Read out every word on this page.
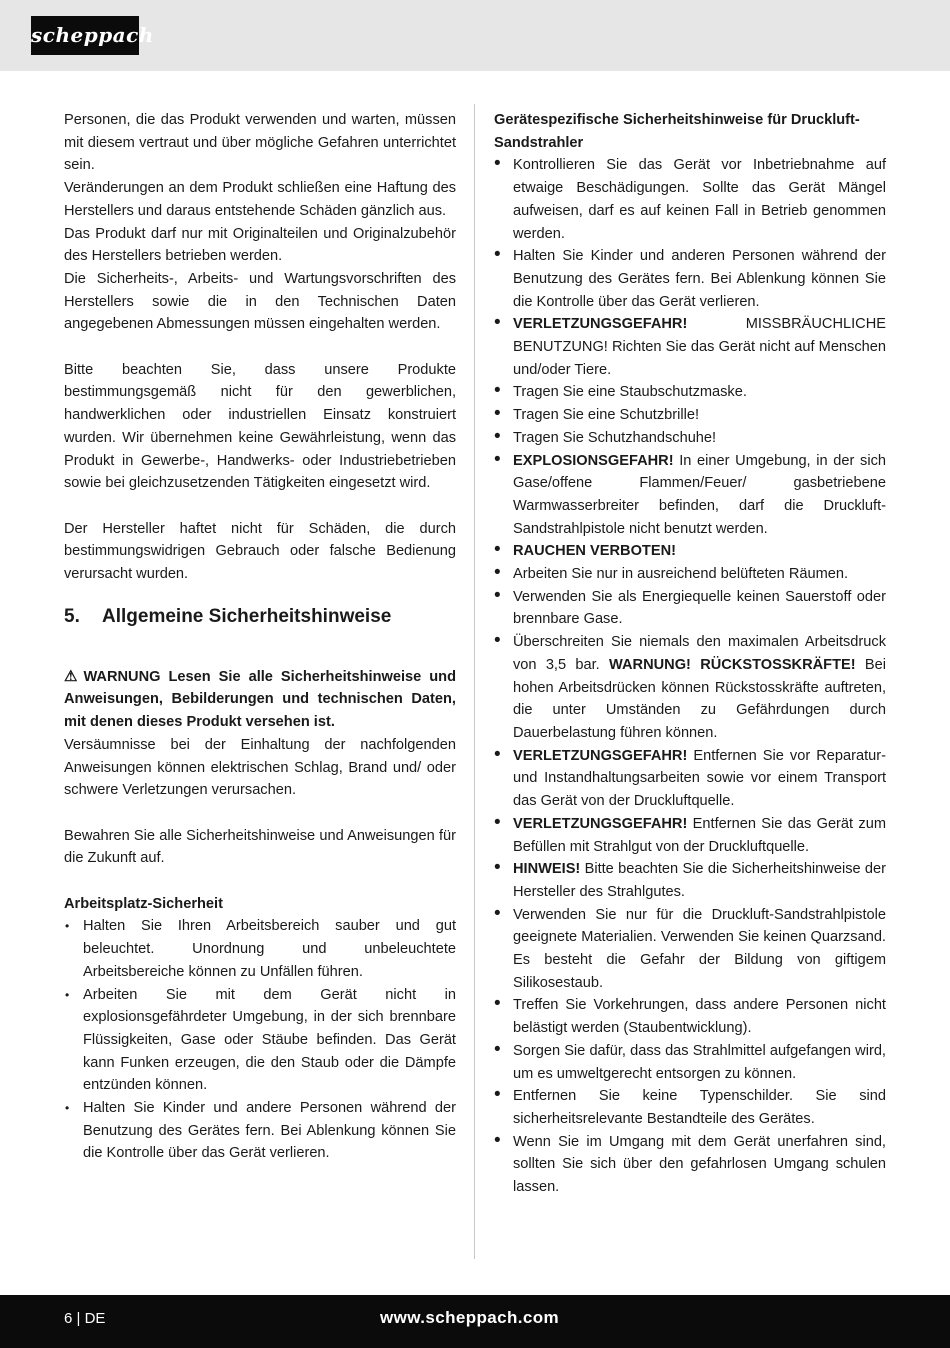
scheppach

Personen, die das Produkt verwenden und warten, müssen mit diesem vertraut und über mögliche Gefahren unterrichtet sein.

Veränderungen an dem Produkt schließen eine Haftung des Herstellers und daraus entstehende Schäden gänzlich aus.

Das Produkt darf nur mit Originalteilen und Originalzubehör des Herstellers betrieben werden.

Die Sicherheits-, Arbeits- und Wartungsvorschriften des Herstellers sowie die in den Technischen Daten angegebenen Abmessungen müssen eingehalten werden.

Bitte beachten Sie, dass unsere Produkte bestimmungsgemäß nicht für den gewerblichen, handwerklichen oder industriellen Einsatz konstruiert wurden. Wir übernehmen keine Gewährleistung, wenn das Produkt in Gewerbe-, Handwerks- oder Industriebetrieben sowie bei gleichzusetzenden Tätigkeiten eingesetzt wird.

Der Hersteller haftet nicht für Schäden, die durch bestimmungswidrigen Gebrauch oder falsche Bedienung verursacht wurden.

5. Allgemeine Sicherheitshinweise

⚠ WARNUNG Lesen Sie alle Sicherheitshinweise und Anweisungen, Bebilderungen und technischen Daten, mit denen dieses Produkt versehen ist.

Versäumnisse bei der Einhaltung der nachfolgenden Anweisungen können elektrischen Schlag, Brand und/ oder schwere Verletzungen verursachen.

Bewahren Sie alle Sicherheitshinweise und Anweisungen für die Zukunft auf.

Arbeitsplatz-Sicherheit

• Halten Sie Ihren Arbeitsbereich sauber und gut beleuchtet. Unordnung und unbeleuchtete Arbeitsbereiche können zu Unfällen führen.
• Arbeiten Sie mit dem Gerät nicht in explosionsgefährdeter Umgebung, in der sich brennbare Flüssigkeiten, Gase oder Stäube befinden. Das Gerät kann Funken erzeugen, die den Staub oder die Dämpfe entzünden können.
• Halten Sie Kinder und andere Personen während der Benutzung des Gerätes fern. Bei Ablenkung können Sie die Kontrolle über das Gerät verlieren.

Gerätespezifische Sicherheitshinweise für Druckluft-Sandstrahler

• Kontrollieren Sie das Gerät vor Inbetriebnahme auf etwaige Beschädigungen. Sollte das Gerät Mängel aufweisen, darf es auf keinen Fall in Betrieb genommen werden.
• Halten Sie Kinder und anderen Personen während der Benutzung des Gerätes fern. Bei Ablenkung können Sie die Kontrolle über das Gerät verlieren.
• VERLETZUNGSGEFAHR! MISSBRÄUCHLICHE BENUTZUNG! Richten Sie das Gerät nicht auf Menschen und/oder Tiere.
• Tragen Sie eine Staubschutzmaske.
• Tragen Sie eine Schutzbrille!
• Tragen Sie Schutzhandschuhe!
• EXPLOSIONSGEFAHR! In einer Umgebung, in der sich Gase/offene Flammen/Feuer/ gasbetriebene Warmwasserbreiter befinden, darf die Druckluft-Sandstrahlpistole nicht benutzt werden.
• RAUCHEN VERBOTEN!
• Arbeiten Sie nur in ausreichend belüfteten Räumen.
• Verwenden Sie als Energiequelle keinen Sauerstoff oder brennbare Gase.
• Überschreiten Sie niemals den maximalen Arbeitsdruck von 3,5 bar. WARNUNG! RÜCKSTOSSKRÄFTE! Bei hohen Arbeitsdrücken können Rückstosskräfte auftreten, die unter Umständen zu Gefährdungen durch Dauerbelastung führen können.
• VERLETZUNGSGEFAHR! Entfernen Sie vor Reparatur- und Instandhaltungsarbeiten sowie vor einem Transport das Gerät von der Druckluftquelle.
• VERLETZUNGSGEFAHR! Entfernen Sie das Gerät zum Befüllen mit Strahlgut von der Druckluftquelle.
• HINWEIS! Bitte beachten Sie die Sicherheitshinweise der Hersteller des Strahlgutes.
• Verwenden Sie nur für die Druckluft-Sandstrahlpistole geeignete Materialien. Verwenden Sie keinen Quarzsand. Es besteht die Gefahr der Bildung von giftigem Silikosestaub.
• Treffen Sie Vorkehrungen, dass andere Personen nicht belästigt werden (Staubentwicklung).
• Sorgen Sie dafür, dass das Strahlmittel aufgefangen wird, um es umweltgerecht entsorgen zu können.
• Entfernen Sie keine Typenschilder. Sie sind sicherheitsrelevante Bestandteile des Gerätes.
• Wenn Sie im Umgang mit dem Gerät unerfahren sind, sollten Sie sich über den gefahrlosen Umgang schulen lassen.
6 | DE	www.scheppach.com
